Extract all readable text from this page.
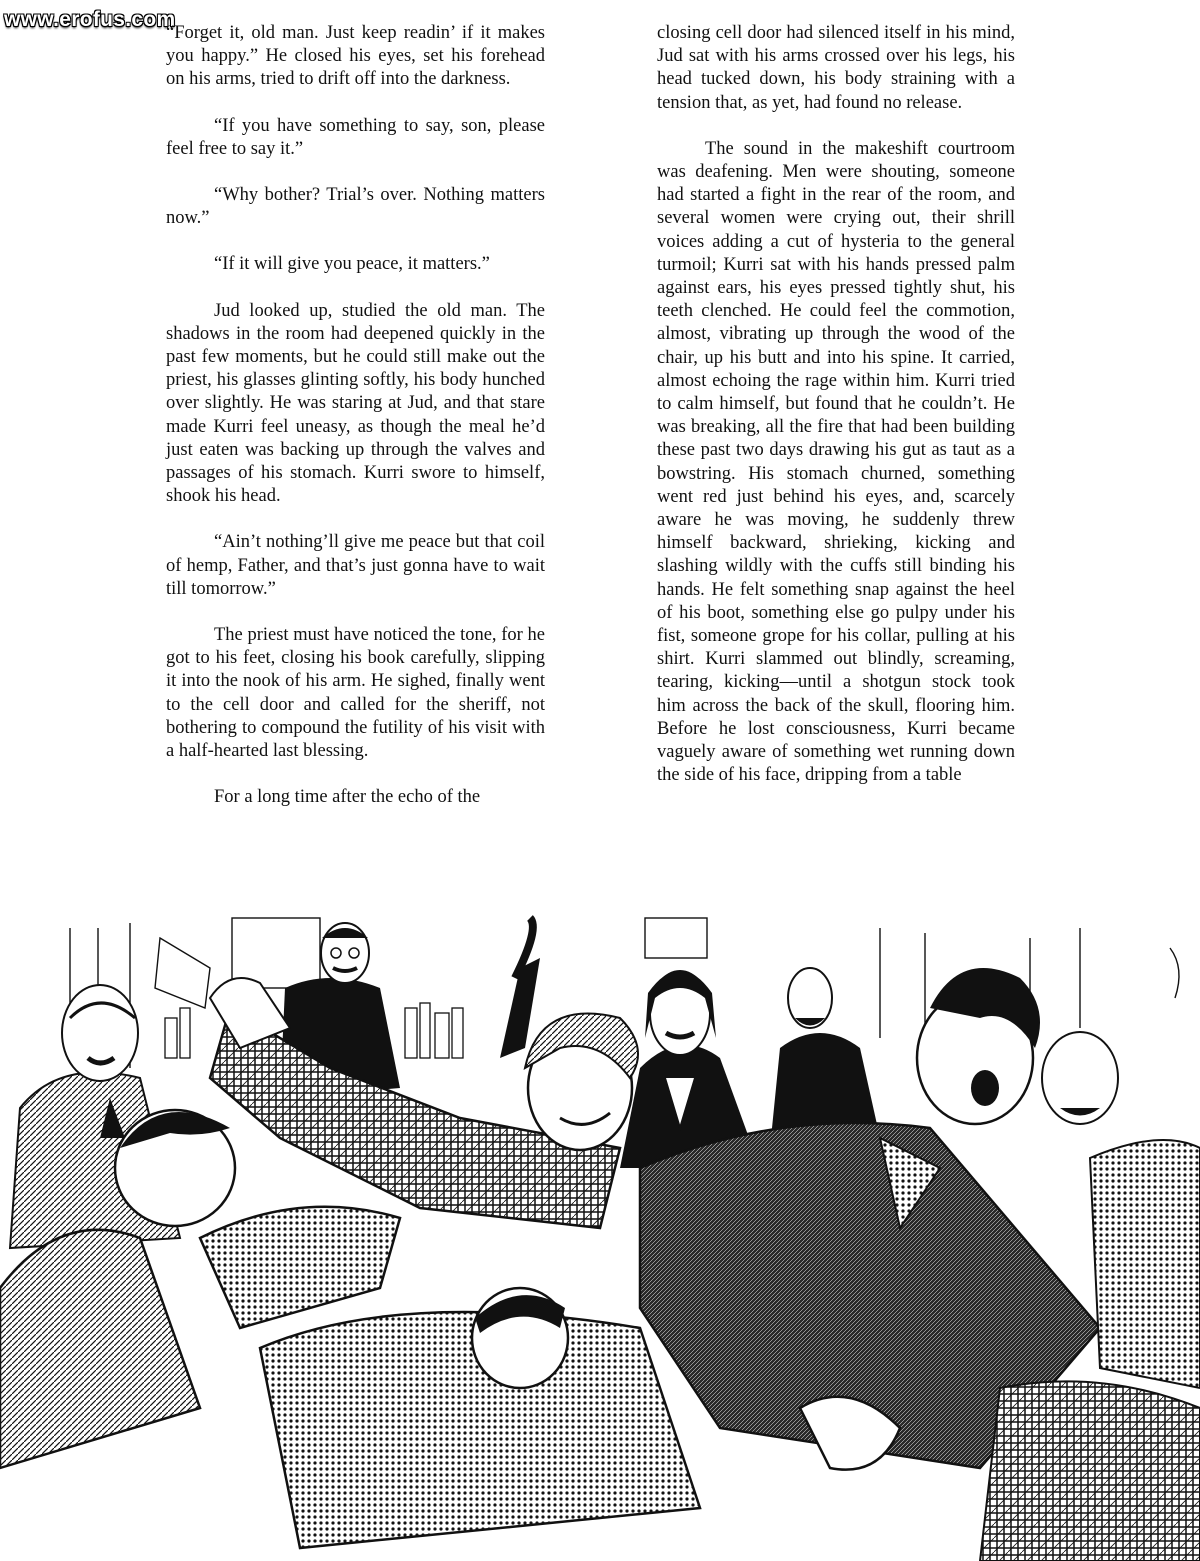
www.erofus.com

“Forget it, old man. Just keep readin’ if it makes you happy.” He closed his eyes, set his forehead on his arms, tried to drift off into the darkness.

“If you have something to say, son, please feel free to say it.”

“Why bother? Trial’s over. Nothing matters now.”

“If it will give you peace, it matters.”

Jud looked up, studied the old man. The shadows in the room had deepened quickly in the past few moments, but he could still make out the priest, his glasses glinting softly, his body hunched over slightly. He was staring at Jud, and that stare made Kurri feel uneasy, as though the meal he’d just eaten was backing up through the valves and passages of his stomach. Kurri swore to himself, shook his head.

“Ain’t nothing’ll give me peace but that coil of hemp, Father, and that’s just gonna have to wait till tomorrow.”

The priest must have noticed the tone, for he got to his feet, closing his book carefully, slipping it into the nook of his arm. He sighed, finally went to the cell door and called for the sheriff, not bothering to compound the futility of his visit with a half-hearted last blessing.

For a long time after the echo of the

closing cell door had silenced itself in his mind, Jud sat with his arms crossed over his legs, his head tucked down, his body straining with a tension that, as yet, had found no release.

The sound in the makeshift courtroom was deafening. Men were shouting, someone had started a fight in the rear of the room, and several women were crying out, their shrill voices adding a cut of hysteria to the general turmoil; Kurri sat with his hands pressed palm against ears, his eyes pressed tightly shut, his teeth clenched. He could feel the commotion, almost, vibrating up through the wood of the chair, up his butt and into his spine. It carried, almost echoing the rage within him. Kurri tried to calm himself, but found that he couldn’t. He was breaking, all the fire that had been building these past two days drawing his gut as taut as a bowstring. His stomach churned, something went red just behind his eyes, and, scarcely aware he was moving, he suddenly threw himself backward, shrieking, kicking and slashing wildly with the cuffs still binding his hands. He felt something snap against the heel of his boot, something else go pulpy under his fist, someone grope for his collar, pulling at his shirt. Kurri slammed out blindly, screaming, tearing, kicking—until a shotgun stock took him across the back of the skull, flooring him. Before he lost consciousness, Kurri became vaguely aware of something wet running down the side of his face, dripping from a table
